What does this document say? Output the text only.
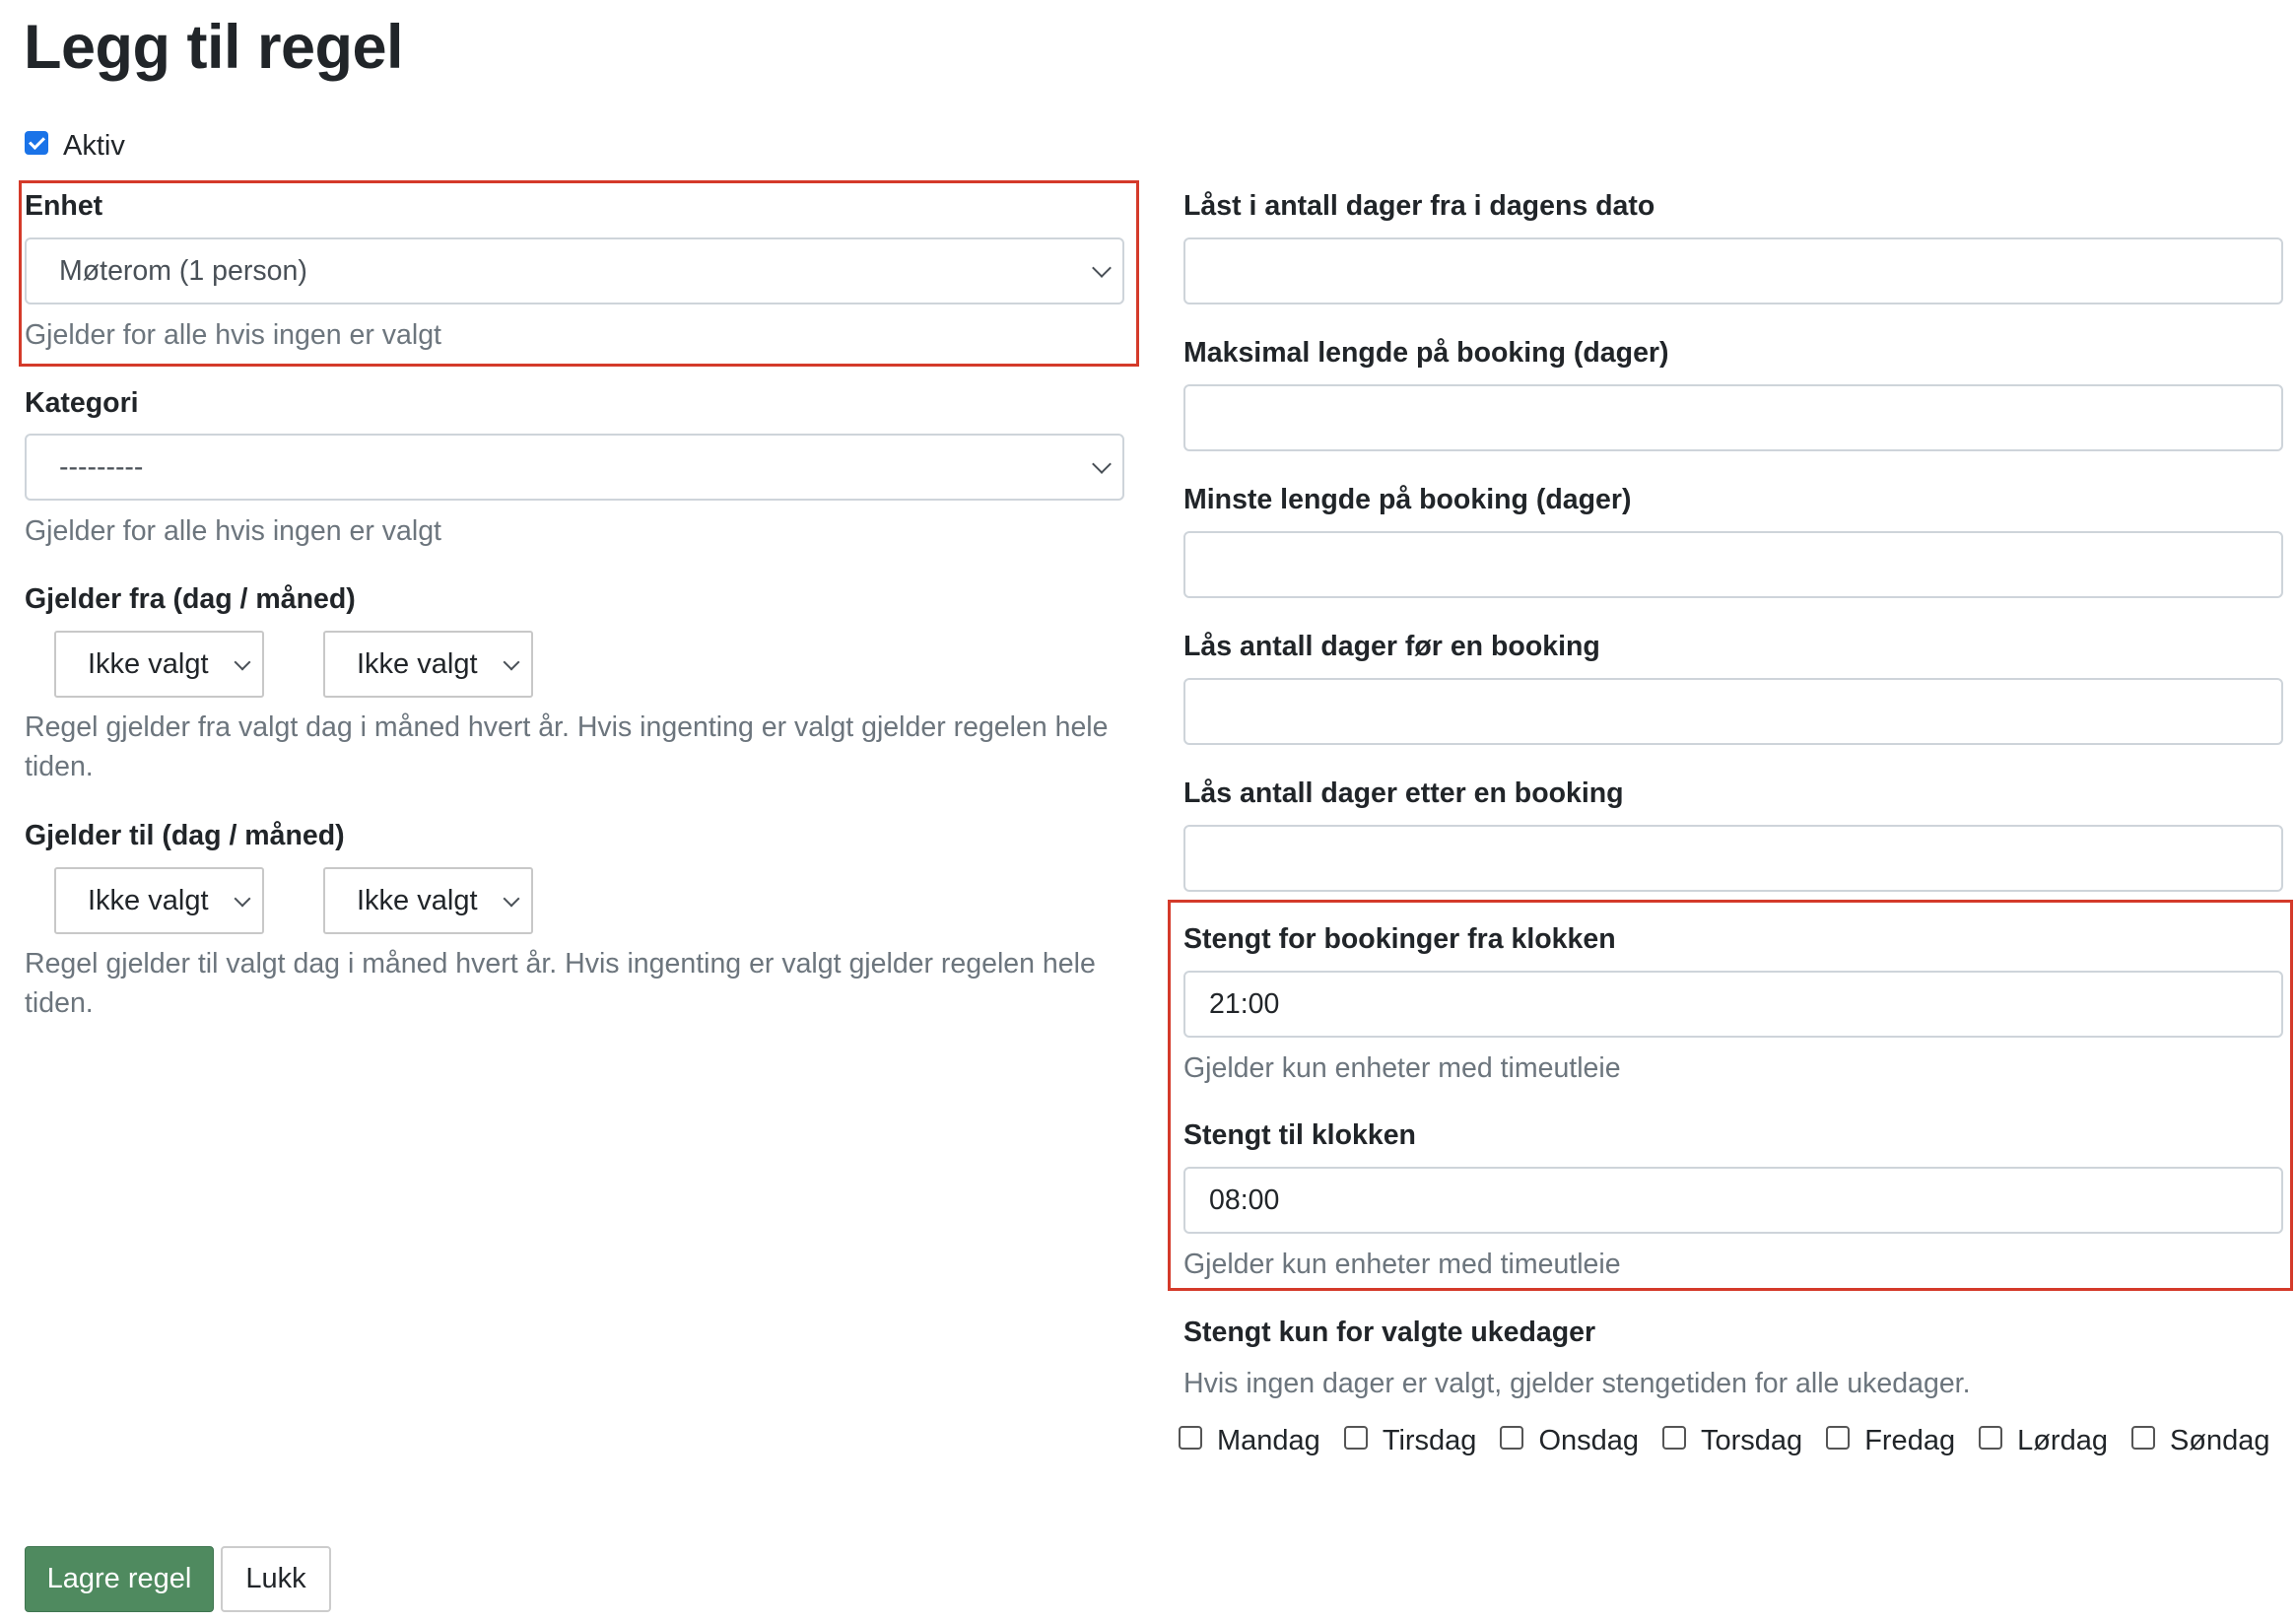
Legg til regel
Aktiv
Enhet
Møterom (1 person)
Gjelder for alle hvis ingen er valgt
Kategori
---------
Gjelder for alle hvis ingen er valgt
Gjelder fra (dag / måned)
Ikke valgt	Ikke valgt
Regel gjelder fra valgt dag i måned hvert år. Hvis ingenting er valgt gjelder regelen hele tiden.
Gjelder til (dag / måned)
Ikke valgt	Ikke valgt
Regel gjelder til valgt dag i måned hvert år. Hvis ingenting er valgt gjelder regelen hele tiden.
Låst i antall dager fra i dagens dato
Maksimal lengde på booking (dager)
Minste lengde på booking (dager)
Lås antall dager før en booking
Lås antall dager etter en booking
Stengt for bookinger fra klokken
21:00
Gjelder kun enheter med timeutleie
Stengt til klokken
08:00
Gjelder kun enheter med timeutleie
Stengt kun for valgte ukedager
Hvis ingen dager er valgt, gjelder stengetiden for alle ukedager.
Mandag Tirsdag Onsdag Torsdag Fredag Lørdag Søndag
Lagre regel	Lukk
